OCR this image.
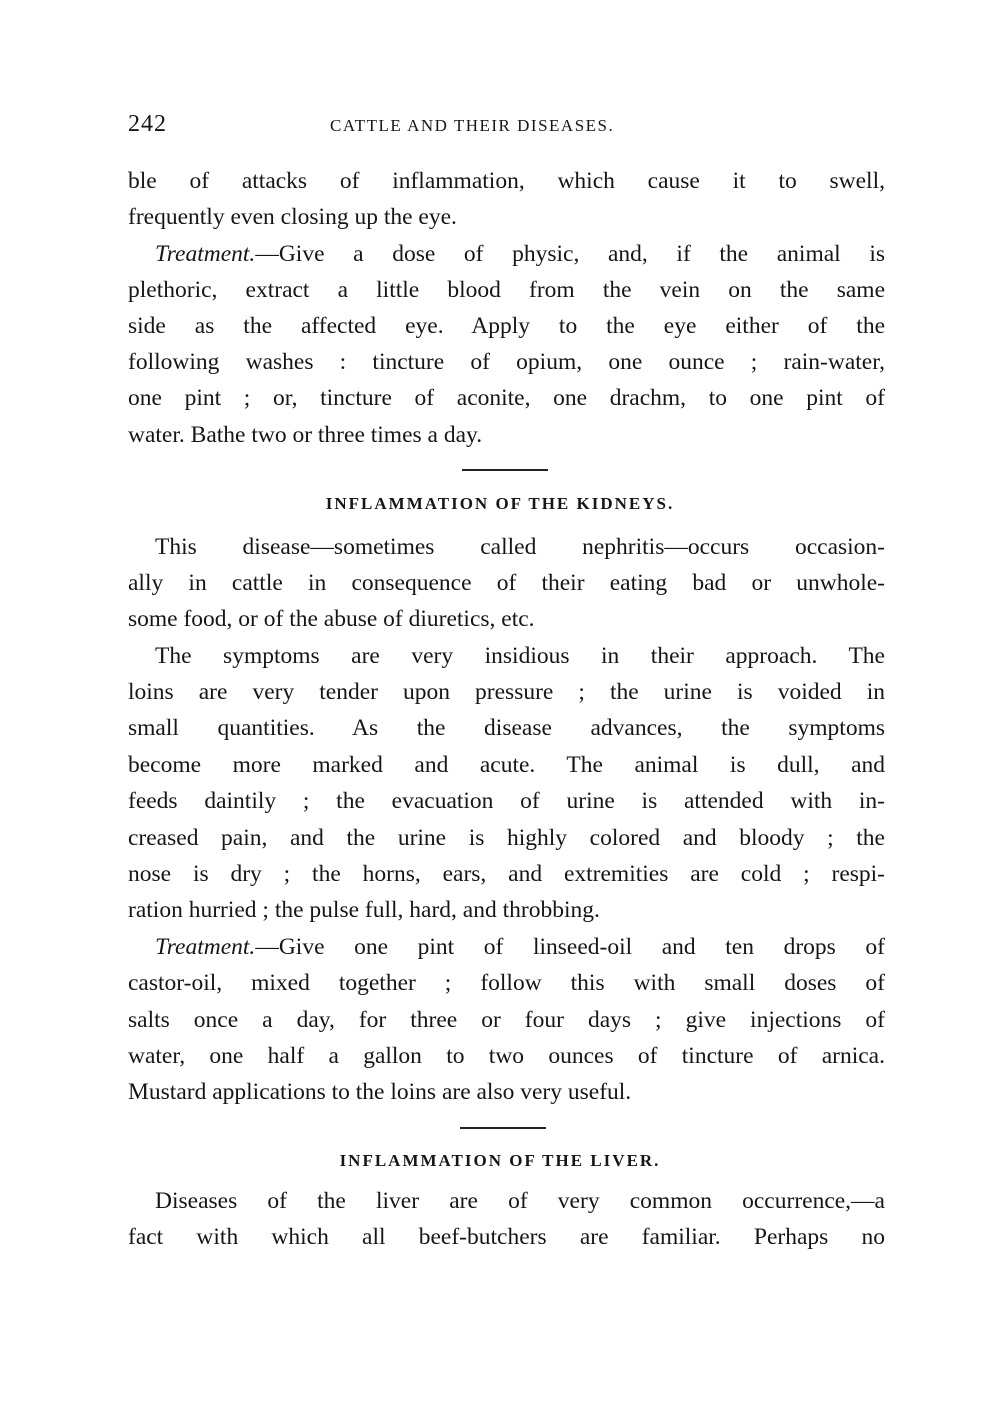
242	CATTLE AND THEIR DISEASES.
ble of attacks of inflammation, which cause it to swell,
frequently even closing up the eye.
Treatment.—Give a dose of physic, and, if the animal is
plethoric, extract a little blood from the vein on the same
side as the affected eye. Apply to the eye either of the
following washes : tincture of opium, one ounce ; rain-water,
one pint ; or, tincture of aconite, one drachm, to one pint of
water. Bathe two or three times a day.
INFLAMMATION OF THE KIDNEYS.
This disease—sometimes called nephritis—occurs occasion-
ally in cattle in consequence of their eating bad or unwhole-
some food, or of the abuse of diuretics, etc.
The symptoms are very insidious in their approach. The
loins are very tender upon pressure ; the urine is voided in
small quantities. As the disease advances, the symptoms
become more marked and acute. The animal is dull, and
feeds daintily ; the evacuation of urine is attended with in-
creased pain, and the urine is highly colored and bloody ; the
nose is dry ; the horns, ears, and extremities are cold ; respi-
ration hurried ; the pulse full, hard, and throbbing.
Treatment.—Give one pint of linseed-oil and ten drops of
castor-oil, mixed together ; follow this with small doses of
salts once a day, for three or four days ; give injections of
water, one half a gallon to two ounces of tincture of arnica.
Mustard applications to the loins are also very useful.
INFLAMMATION OF THE LIVER.
Diseases of the liver are of very common occurrence,—a
fact with which all beef-butchers are familiar. Perhaps no
